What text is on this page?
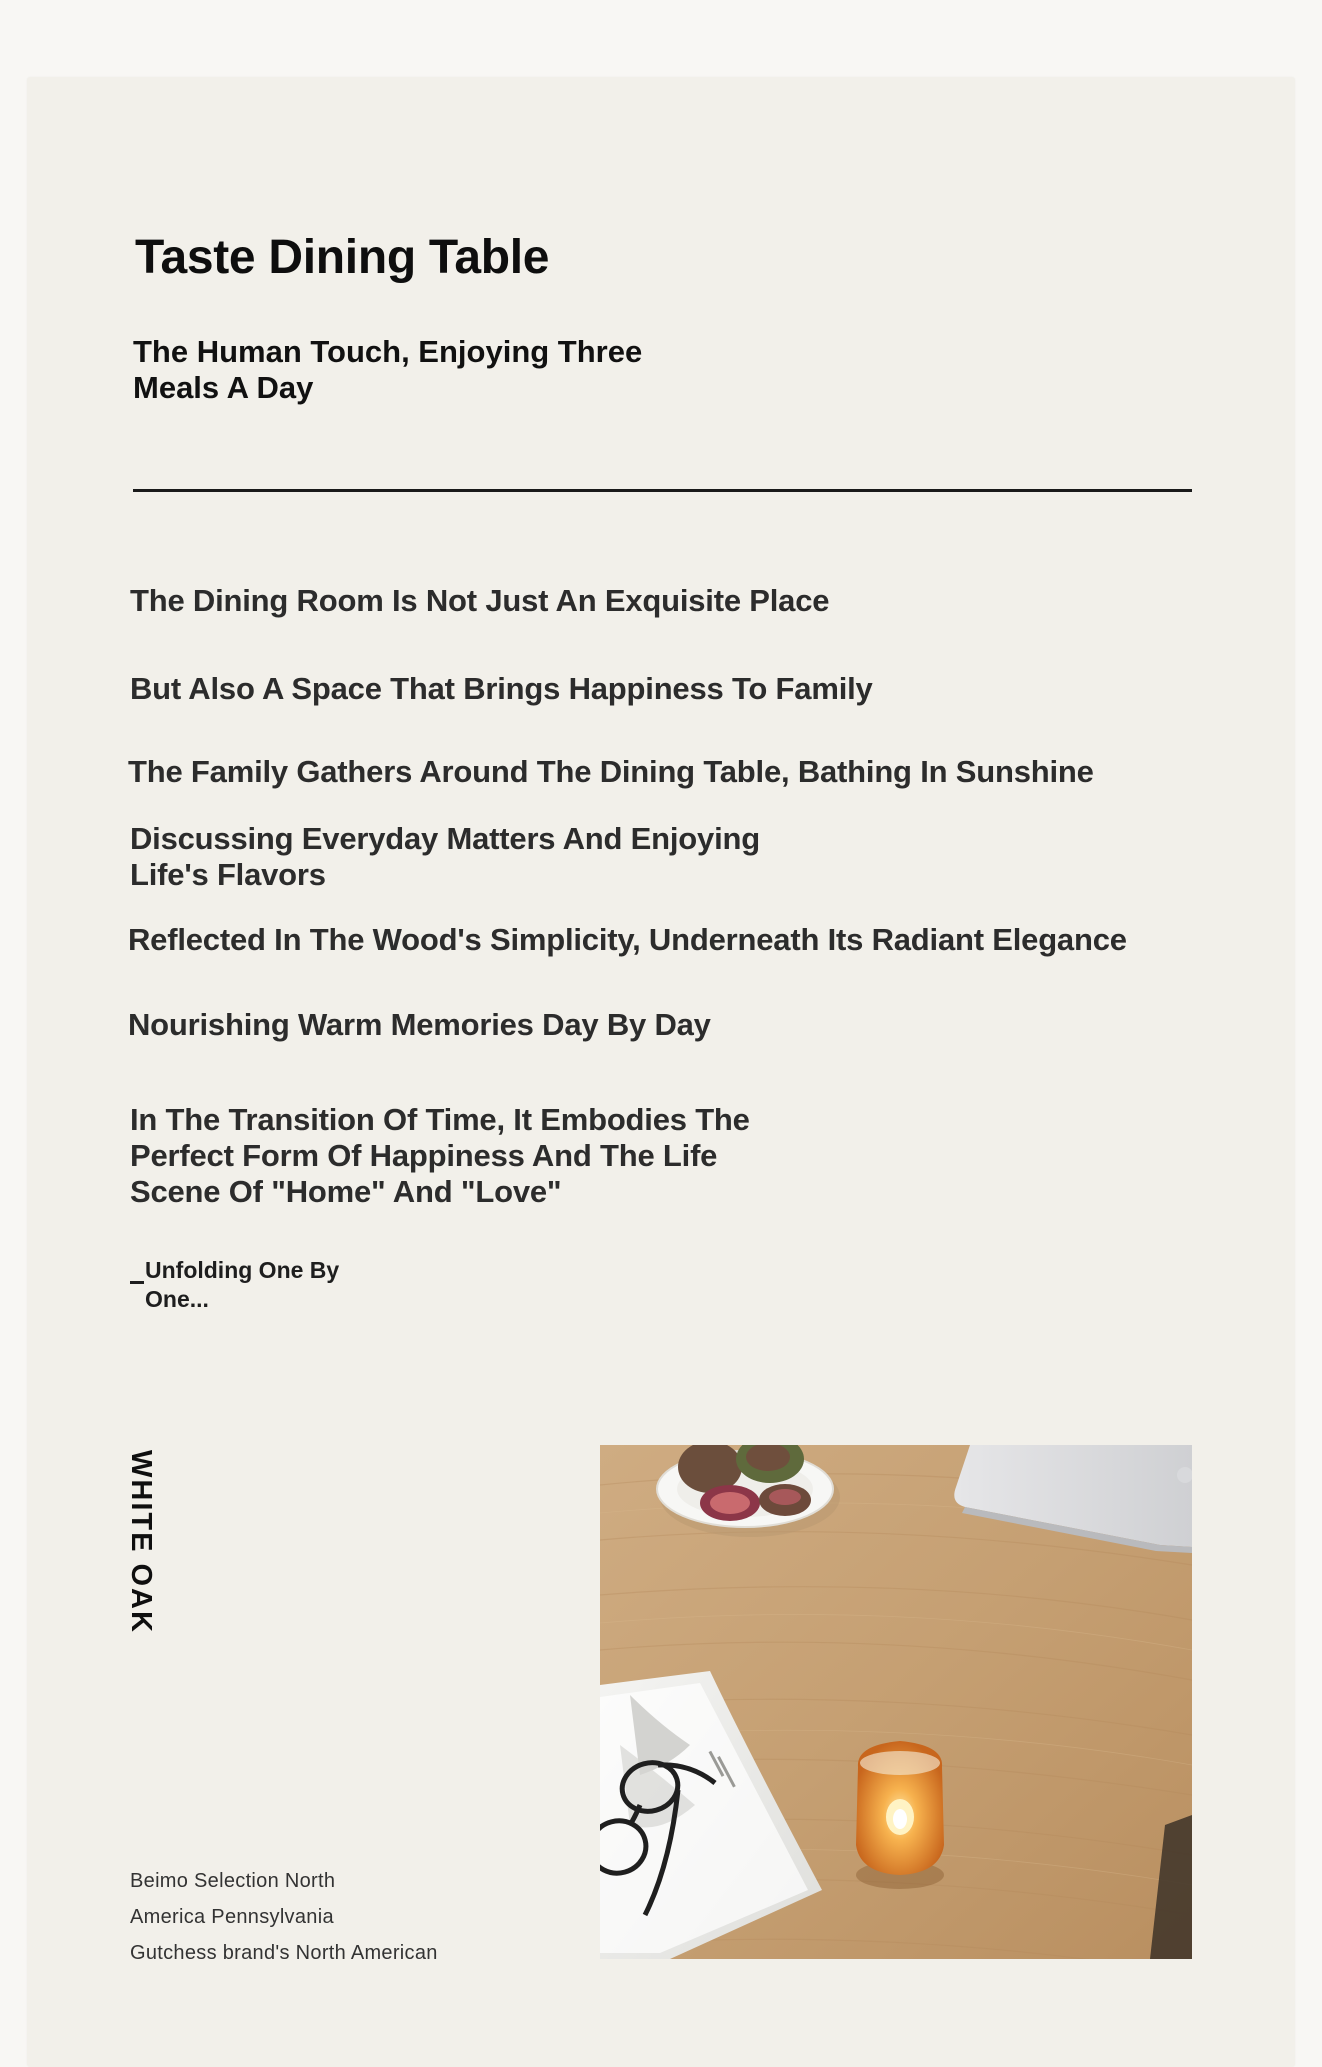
Taste Dining Table
The Human Touch, Enjoying Three Meals A Day

The Dining Room Is Not Just An Exquisite Place

But Also A Space That Brings Happiness To Family

The Family Gathers Around The Dining Table, Bathing In Sunshine

Discussing Everyday Matters And Enjoying Life's Flavors

Reflected In The Wood's Simplicity, Underneath Its Radiant Elegance

Nourishing Warm Memories Day By Day

In The Transition Of Time, It Embodies The Perfect Form Of Happiness And The Life Scene Of "Home" And "Love"

Unfolding One By One...
WHITE OAK
Beimo Selection North
America Pennsylvania
Gutchess brand's North American
